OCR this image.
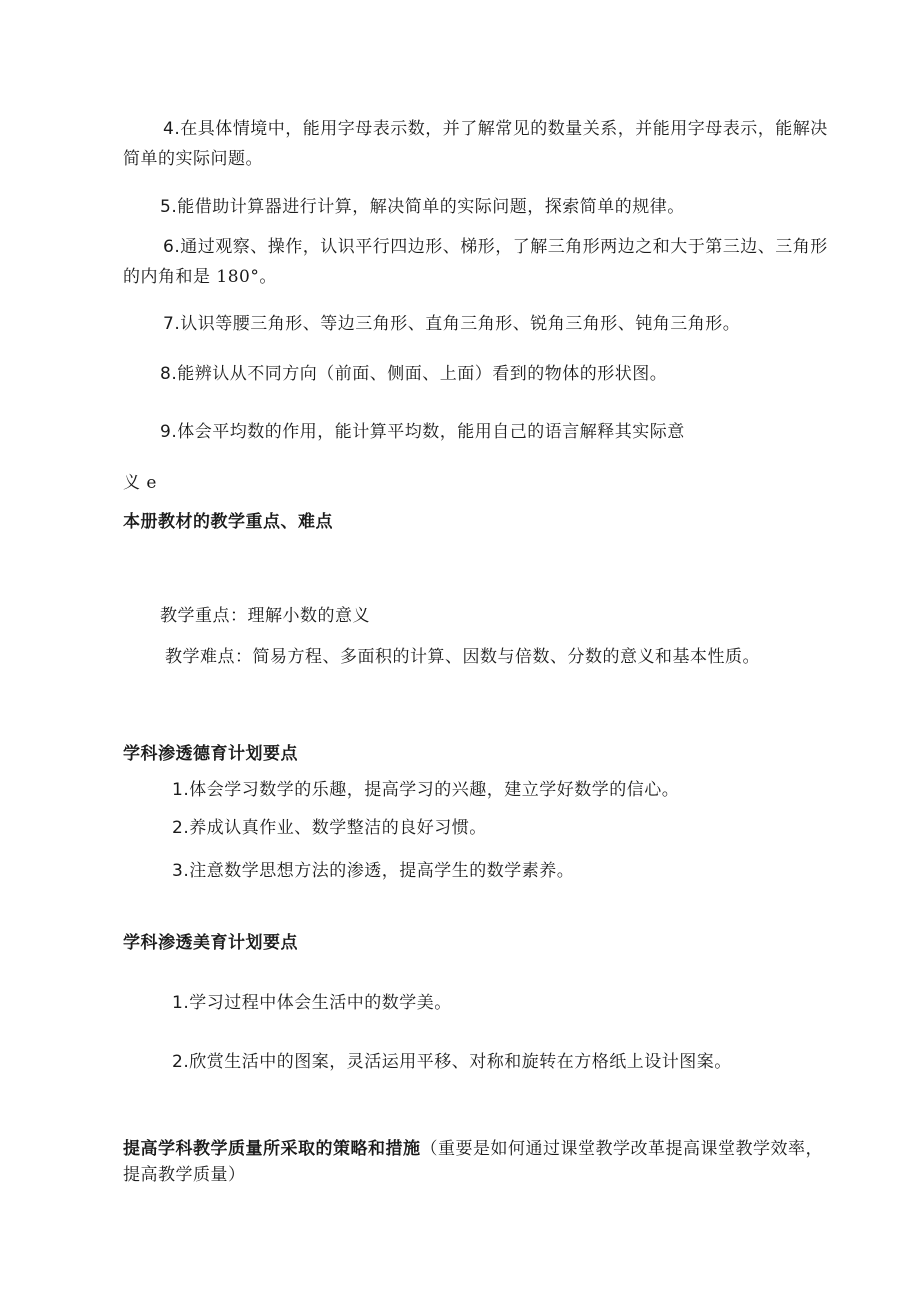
4.在具体情境中，能用字母表示数，并了解常见的数量关系，并能用字母表示，能解决简单的实际问题。
5.能借助计算器进行计算，解决简单的实际问题，探索简单的规律。
6.通过观察、操作，认识平行四边形、梯形，了解三角形两边之和大于第三边、三角形的内角和是 180°。
7.认识等腰三角形、等边三角形、直角三角形、锐角三角形、钝角三角形。
8.能辨认从不同方向（前面、侧面、上面）看到的物体的形状图。
9.体会平均数的作用，能计算平均数，能用自己的语言解释其实际意
义 e
本册教材的教学重点、难点
教学重点：理解小数的意义
教学难点：简易方程、多面积的计算、因数与倍数、分数的意义和基本性质。
学科渗透德育计划要点
1.体会学习数学的乐趣，提高学习的兴趣，建立学好数学的信心。
2.养成认真作业、数学整洁的良好习惯。
3.注意数学思想方法的渗透，提高学生的数学素养。
学科渗透美育计划要点
1.学习过程中体会生活中的数学美。
2.欣赏生活中的图案，灵活运用平移、对称和旋转在方格纸上设计图案。
提高学科教学质量所采取的策略和措施（重要是如何通过课堂教学改革提高课堂教学效率，提高教学质量）
